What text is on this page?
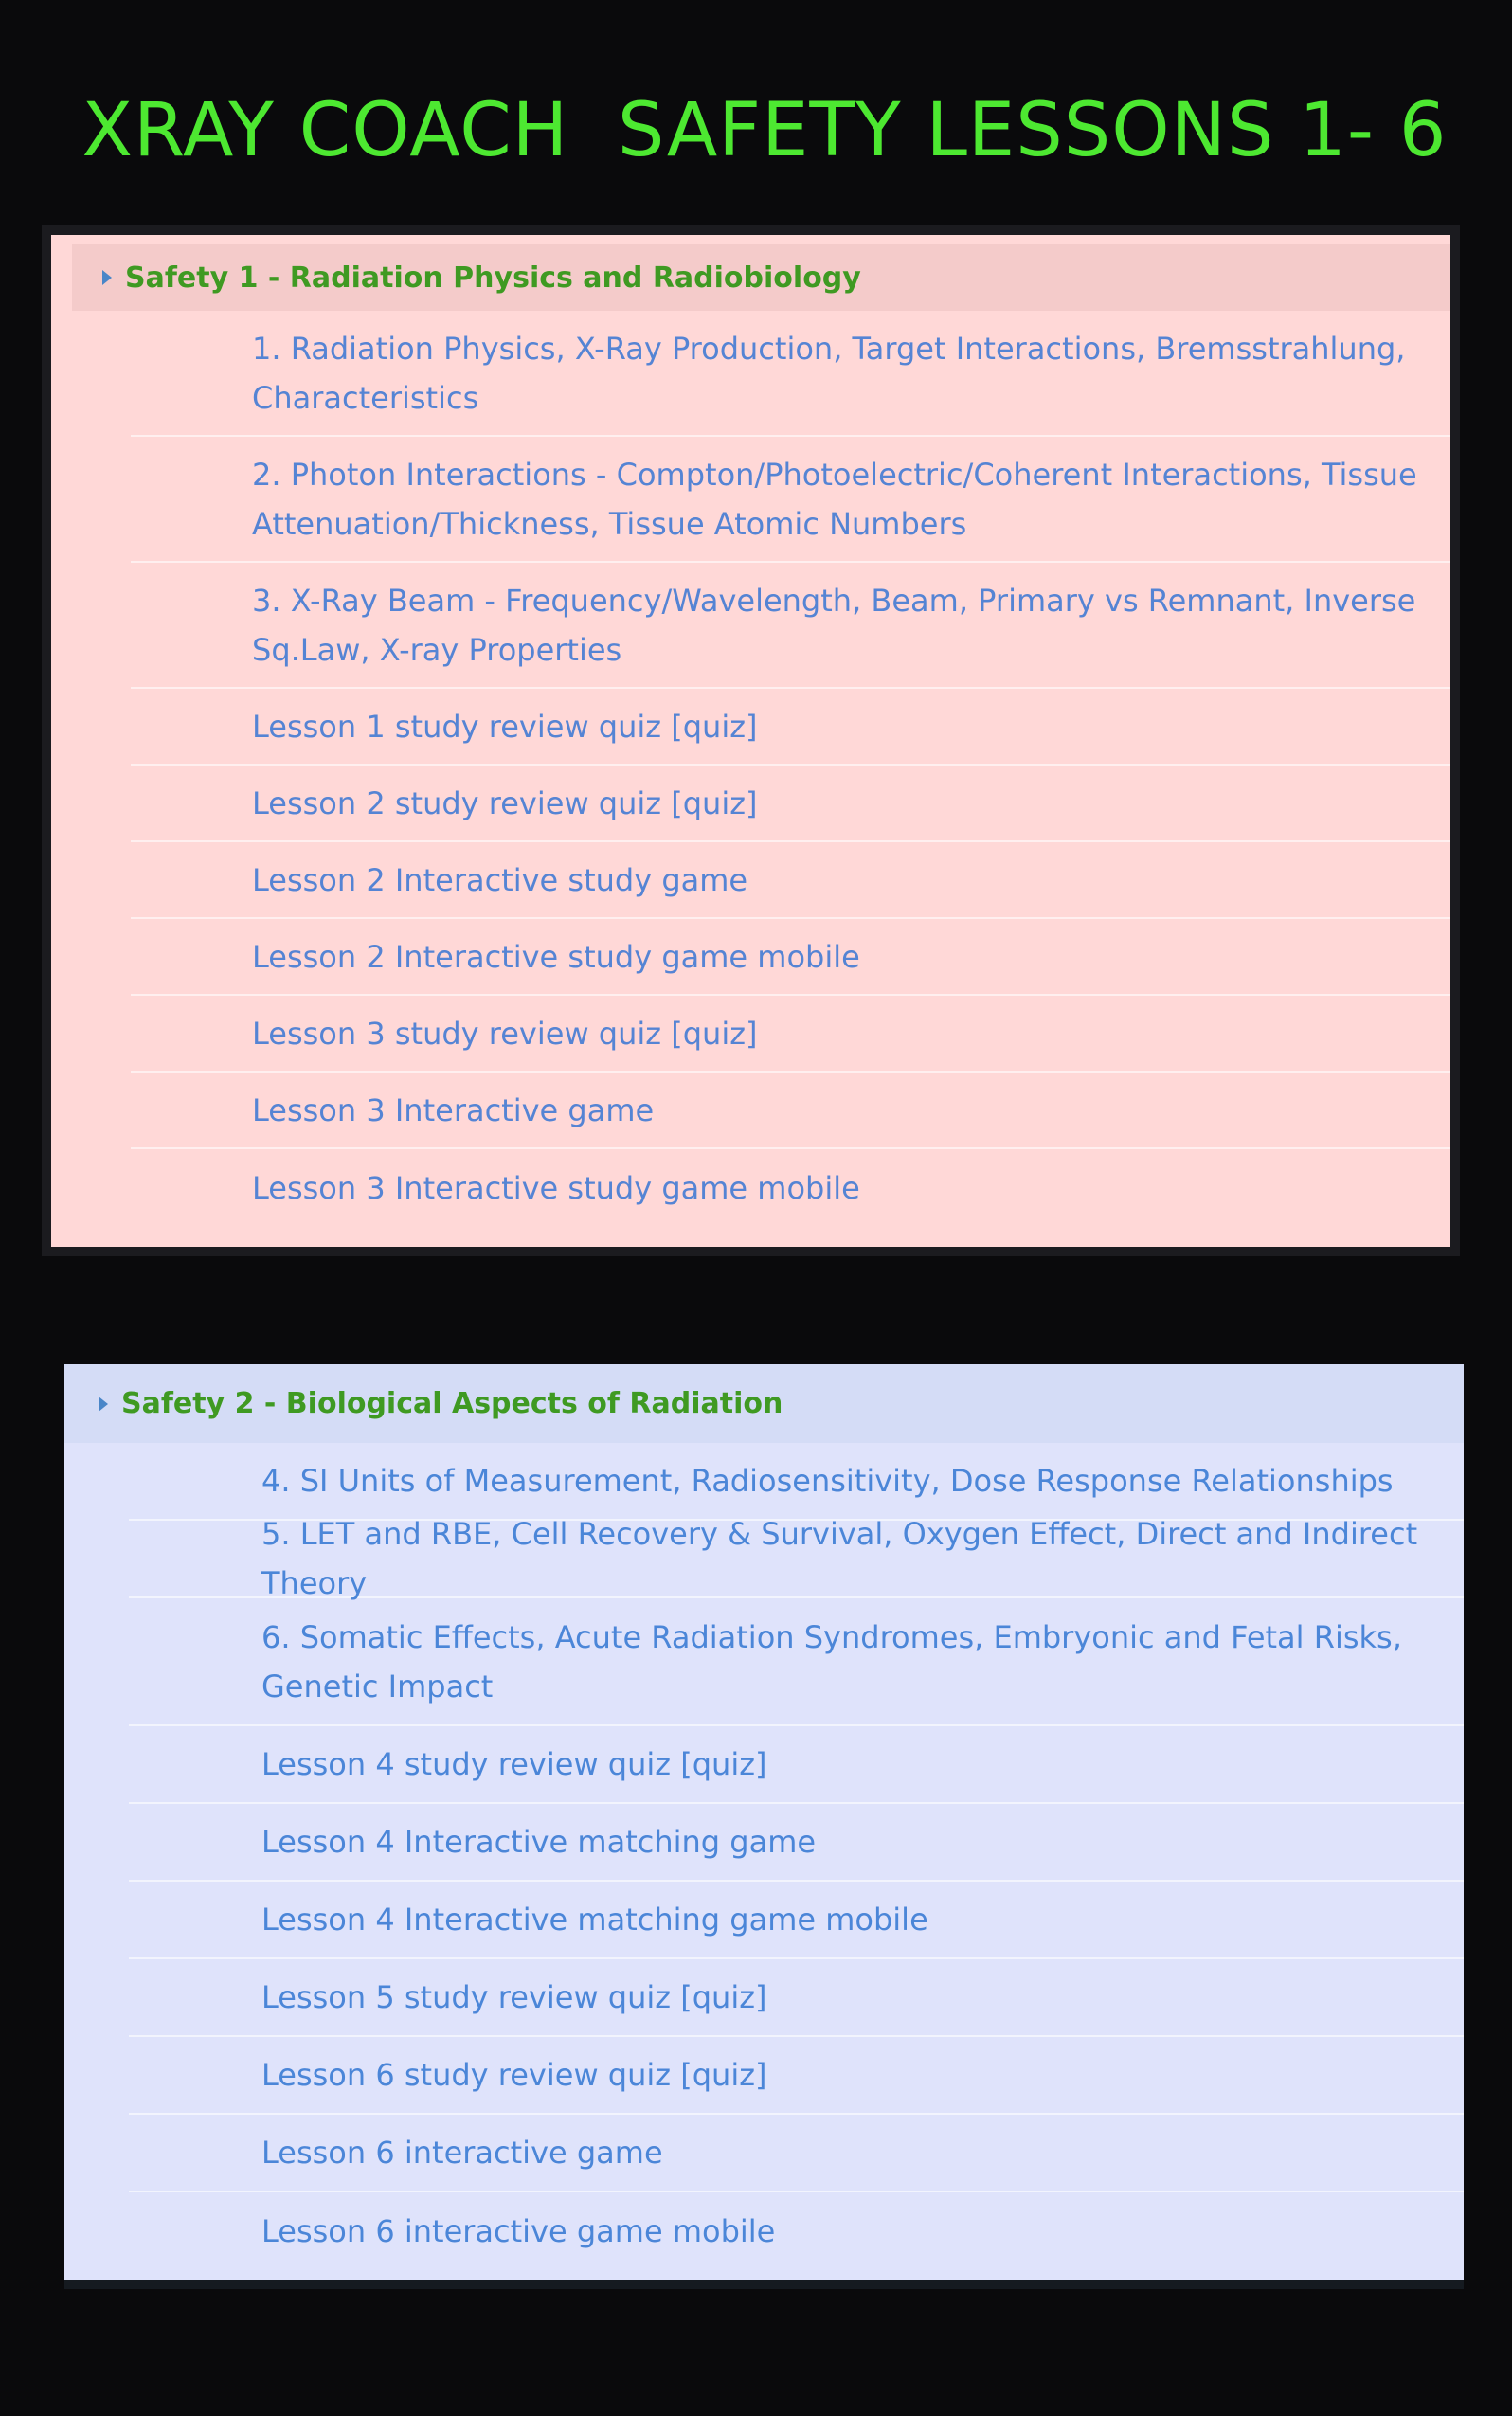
XRAY COACH  SAFETY LESSONS 1- 6
Safety 1 - Radiation Physics and Radiobiology
1. Radiation Physics, X-Ray Production, Target Interactions, Bremsstrahlung, Characteristics
2. Photon Interactions - Compton/Photoelectric/Coherent Interactions, Tissue Attenuation/Thickness, Tissue Atomic Numbers
3. X-Ray Beam - Frequency/Wavelength, Beam, Primary vs Remnant, Inverse Sq.Law, X-ray Properties
Lesson 1 study review quiz [quiz]
Lesson 2 study review quiz [quiz]
Lesson 2 Interactive study game
Lesson 2 Interactive study game mobile
Lesson 3 study review quiz [quiz]
Lesson 3 Interactive game
Lesson 3 Interactive study game mobile
Safety 2 - Biological Aspects of Radiation
4. SI Units of Measurement, Radiosensitivity, Dose Response Relationships
5. LET and RBE, Cell Recovery & Survival, Oxygen Effect, Direct and Indirect Theory
6. Somatic Effects, Acute Radiation Syndromes, Embryonic and Fetal Risks, Genetic Impact
Lesson 4 study review quiz [quiz]
Lesson 4 Interactive matching game
Lesson 4 Interactive matching game mobile
Lesson 5 study review quiz [quiz]
Lesson 6 study review quiz [quiz]
Lesson 6 interactive game
Lesson 6 interactive game mobile
